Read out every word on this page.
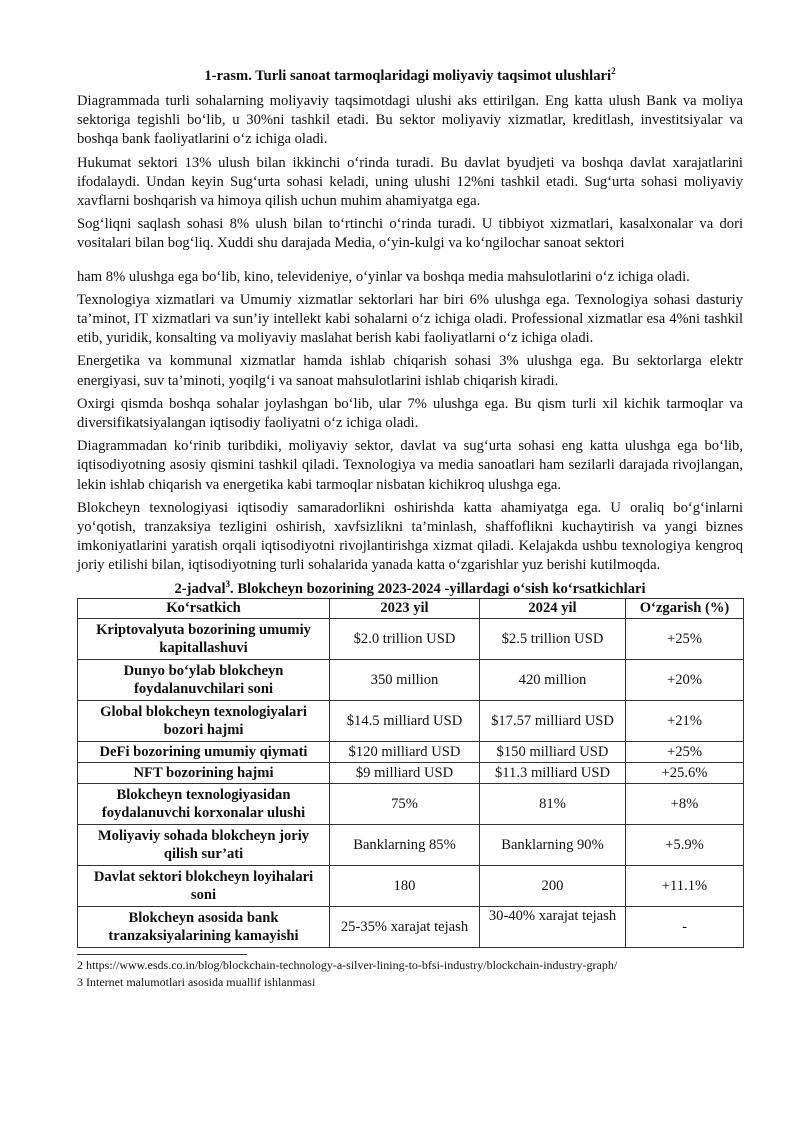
1-rasm. Turli sanoat tarmoqlaridagi moliyaviy taqsimot ulushlari$^2$

Diagrammada turli sohalarning moliyaviy taqsimotdagi ulushi aks ettirilgan. Eng katta ulush Bank va moliya sektoriga tegishli bo‘lib, u 30%ni tashkil etadi. Bu sektor moliyaviy xizmatlar, kreditlash, investitsiyalar va boshqa bank faoliyatlarini o‘z ichiga oladi.

Hukumat sektori 13% ulush bilan ikkinchi o‘rinda turadi. Bu davlat byudjeti va boshqa davlat xarajatlarini ifodalaydi. Undan keyin Sug‘urta sohasi keladi, uning ulushi 12%ni tashkil etadi. Sug‘urta sohasi moliyaviy xavflarni boshqarish va himoya qilish uchun muhim ahamiyatga ega.

Sog‘liqni saqlash sohasi 8% ulush bilan to‘rtinchi o‘rinda turadi. U tibbiyot xizmatlari, kasalxonalar va dori vositalari bilan bog‘liq. Xuddi shu darajada Media, o‘yin-kulgi va ko‘ngilochar sanoat sektori

ham 8% ulushga ega bo‘lib, kino, televideniye, o‘yinlar va boshqa media mahsulotlarini o‘z ichiga oladi.

Texnologiya xizmatlari va Umumiy xizmatlar sektorlari har biri 6% ulushga ega. Texnologiya sohasi dasturiy ta’minot, IT xizmatlari va sun’iy intellekt kabi sohalarni o‘z ichiga oladi. Professional xizmatlar esa 4%ni tashkil etib, yuridik, konsalting va moliyaviy maslahat berish kabi faoliyatlarni o‘z ichiga oladi.

Energetika va kommunal xizmatlar hamda ishlab chiqarish sohasi 3% ulushga ega. Bu sektorlarga elektr energiyasi, suv ta’minoti, yoqilg‘i va sanoat mahsulotlarini ishlab chiqarish kiradi.

Oxirgi qismda boshqa sohalar joylashgan bo‘lib, ular 7% ulushga ega. Bu qism turli xil kichik tarmoqlar va diversifikatsiyalangan iqtisodiy faoliyatni o‘z ichiga oladi.

Diagrammadan ko‘rinib turibdiki, moliyaviy sektor, davlat va sug‘urta sohasi eng katta ulushga ega bo‘lib, iqtisodiyotning asosiy qismini tashkil qiladi. Texnologiya va media sanoatlari ham sezilarli darajada rivojlangan, lekin ishlab chiqarish va energetika kabi tarmoqlar nisbatan kichikroq ulushga ega.

Blokcheyn texnologiyasi iqtisodiy samaradorlikni oshirishda katta ahamiyatga ega. U oraliq bo‘g‘inlarni yo‘qotish, tranzaksiya tezligini oshirish, xavfsizlikni ta’minlash, shaffoflikni kuchaytirish va yangi biznes imkoniyatlarini yaratish orqali iqtisodiyotni rivojlantirishga xizmat qiladi. Kelajakda ushbu texnologiya kengroq joriy etilishi bilan, iqtisodiyotning turli sohalarida yanada katta o‘zgarishlar yuz berishi kutilmoqda.

2-jadval$^3$. Blokcheyn bozorining 2023-2024 -yillardagi o‘sish ko‘rsatkichlari
Ko‘rsatkich	2023 yil	2024 yil	O‘zgarish (%)
Kriptovalyuta bozorining umumiy kapitallashuvi	$2.0 trillion USD	$2.5 trillion USD	+25%
Dunyo bo‘ylab blokcheyn foydalanuvchilari soni	350 million	420 million	+20%
Global blokcheyn texnologiyalari bozori hajmi	$14.5 milliard USD	$17.57 milliard USD	+21%
DeFi bozorining umumiy qiymati	$120 milliard USD	$150 milliard USD	+25%
NFT bozorining hajmi	$9 milliard USD	$11.3 milliard USD	+25.6%
Blokcheyn texnologiyasidan foydalanuvchi korxonalar ulushi	75%	81%	+8%
Moliyaviy sohada blokcheyn joriy qilish sur’ati	Banklarning 85%	Banklarning 90%	+5.9%
Davlat sektori blokcheyn loyihalari soni	180	200	+11.1%
Blokcheyn asosida bank tranzaksiyalarining kamayishi	25-35% xarajat tejash	30-40% xarajat tejash	-
2 https://www.esds.co.in/blog/blockchain-technology-a-silver-lining-to-bfsi-industry/blockchain-industry-graph/
3 Internet malumotlari asosida muallif ishlanmasi
